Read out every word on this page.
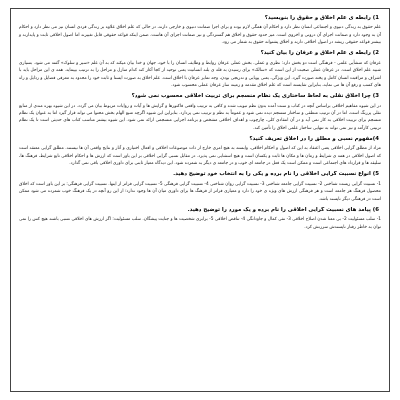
1) رابطه ی علم اخلاق و حقوق را بنویسید؟
علم حقوق به زندگی دنیوی و اجتماعی انسان نظر دارد و احکام آن همگی لازم بوده و برای اجرا ضمانت دنیوی و خارجی دارند، در حالی که علم اخلاق علاوه بر زندگی فردی انسان نیز می نظر دارد و احکام آن به وجود دارد و ضمانت اجرای آن درونی و اخروی است. میز حدود حقوق و اخلاق هم گستردگی و نیز ضمانت اجرای آن هاست. ضمن اینکه قواعد حقوقی قابل تغییرند اما اصول اخلاقی ثابت و پایدارند و بیشتر قواعد حقوقی ریشه در اصول اخلاقی دارند و اخلاق پشتوانه حقوق به شمار می رود.
2) رابطه ی علم اخلاق و عرفان را بیان کنید؟
عرفان که منشأیی علمی - فرهنگی است دو بخش دارد: نظری و عملی. بخش عملی عرفان روابط و وظایف انسان را با خود، جهان و خدا بیان میکند که به آن علم «سیر و سلوک» گفته می شود. بسیاری شبیه علم اخلاق است. در عرفان عملی صحبت از این است که «سالک» برای رسیدن به قله ی بلند انسانیت یعنی توحید از کجا آغاز کند کدام منازل و مراحل را به ترتیب بپیماید. همه ی این مراحل باید با اشراف و مراقبت انسان کامل و پخته صورت گیرد. این ویژگی، یعنی پویایی و تدریجی بودن، وجه تمایز عرفان با اخلاق است. علم اخلاق به صورت ایستا و ثابت خود را محدود به معرفی فضایل و رذایل و راه های کسب و رفع آن ها می نماید، بنابراین شایسته است که علم اخلاق مقدمه و زمینه ساز عرفان عملی محسوب شود.
3) چرا اخلاق نقلی به لحاظ ساختاری یک نظام منسجم برای تربیت اخلاقی محسوب نمی شود؟
در این شیوه مفاهیم اخلاقی براساس آنچه در کتاب و سنت آمده بدون نظم تبویب شده و کافی به ترتیب واقعی فاکتورها و گرایش ها و آیات و روایات مربوط بیان می گردد. در این شیوه بهره مندی از منابع نقلی پررنگ است، اما در آن ترتیب منطقی و ساختار منسجم دیده نمی شود و عموماً به نظم و ترتیب نمی پردازد. بنابراین این شیوه اگرچه منبع الهام بخش محتوا می تواند قرار گیرد اما به عنوان یک نظام منسجم برای تربیت اخلاقی به کار نمی آید و در آن انتقادی کلی، چارچوب و اهداف اخلاقی مشخص و برنامه اجرایی منسجمی ارائه نمی شود. این شیوه بیشتر مناسب کتاب های حدیثی است تا یک نظام تربیتی کارآمد و نیز نمی تواند به تنهایی ساختار علمی اخلاق را تأمین کند.
4)مفهوم نسبی و مطلق را در اخلاق تعریف کنید؟
مراد از مطلق گرایی اخلاقی یعنی اعتقاد به این که اصول و احکام اخلاقی، وابسته به هیچ امری خارج از ذات موضوعات اخلاقی و افعال اختیاری و آثار و نتایج واقعی آن ها نیستند. مطلق گرایی معتقد است که اصول اخلاقی در همه ی شرایط و زمان ها و مکان ها ثابت و یکسان است و هیچ استثنایی نمی پذیرد. در مقابل نسبی گرایی اخلاقی بر این باور است که ارزش ها و احکام اخلاقی تابع شرایط، فرهنگ ها، سلیقه ها و قرارداد های اجتماعی است و ممکن است یک فعل در جامعه ای خوب و در جامعه ی دیگر بد شمرده شود. این دیدگاه معیار ثابتی برای داوری اخلاقی باقی نمی گذارد.
5) انواع نسبیت گرایی اخلاقی را نام برده و یکی را به انتخاب خود توضیح دهید.
1- نسبیت گرایی زیست شناختی 2- نسبیت گرایی جامعه شناختی 3- نسبیت گرایی روان شناختی 4- نسبیت گرایی فرهنگی 5- نسبیت گرایی فراتر از اینها. نسبیت گرایی فرهنگی: بر این باور است که اخلاق محصول فرهنگ هر جامعه است و هر فرهنگی ارزش های ویژه ی خود را دارد و معیاری فراتر از فرهنگ ها برای داوری میان آن ها وجود ندارد؛ از این رو آنچه در یک فرهنگ خوب شمرده می شود ممکن است در فرهنگی دیگر ناپسند باشد.
6) پیامد های نسبیت گرایی اخلاقی را نام برده و یک مورد را توضیح دهید.
1- سلب مسئولیت 2- بی معنا شدن اصلاح اخلاقی 3- نفی کمال و جاودانگی 4- تناقض اخلاقی 5- برابری شخصیت ها و جنایت پیشگان. سلب مسئولیت: اگر ارزش های اخلاقی نسبی باشند هیچ کس را نمی توان به خاطر رفتار ناپسندش سرزنش کرد.
